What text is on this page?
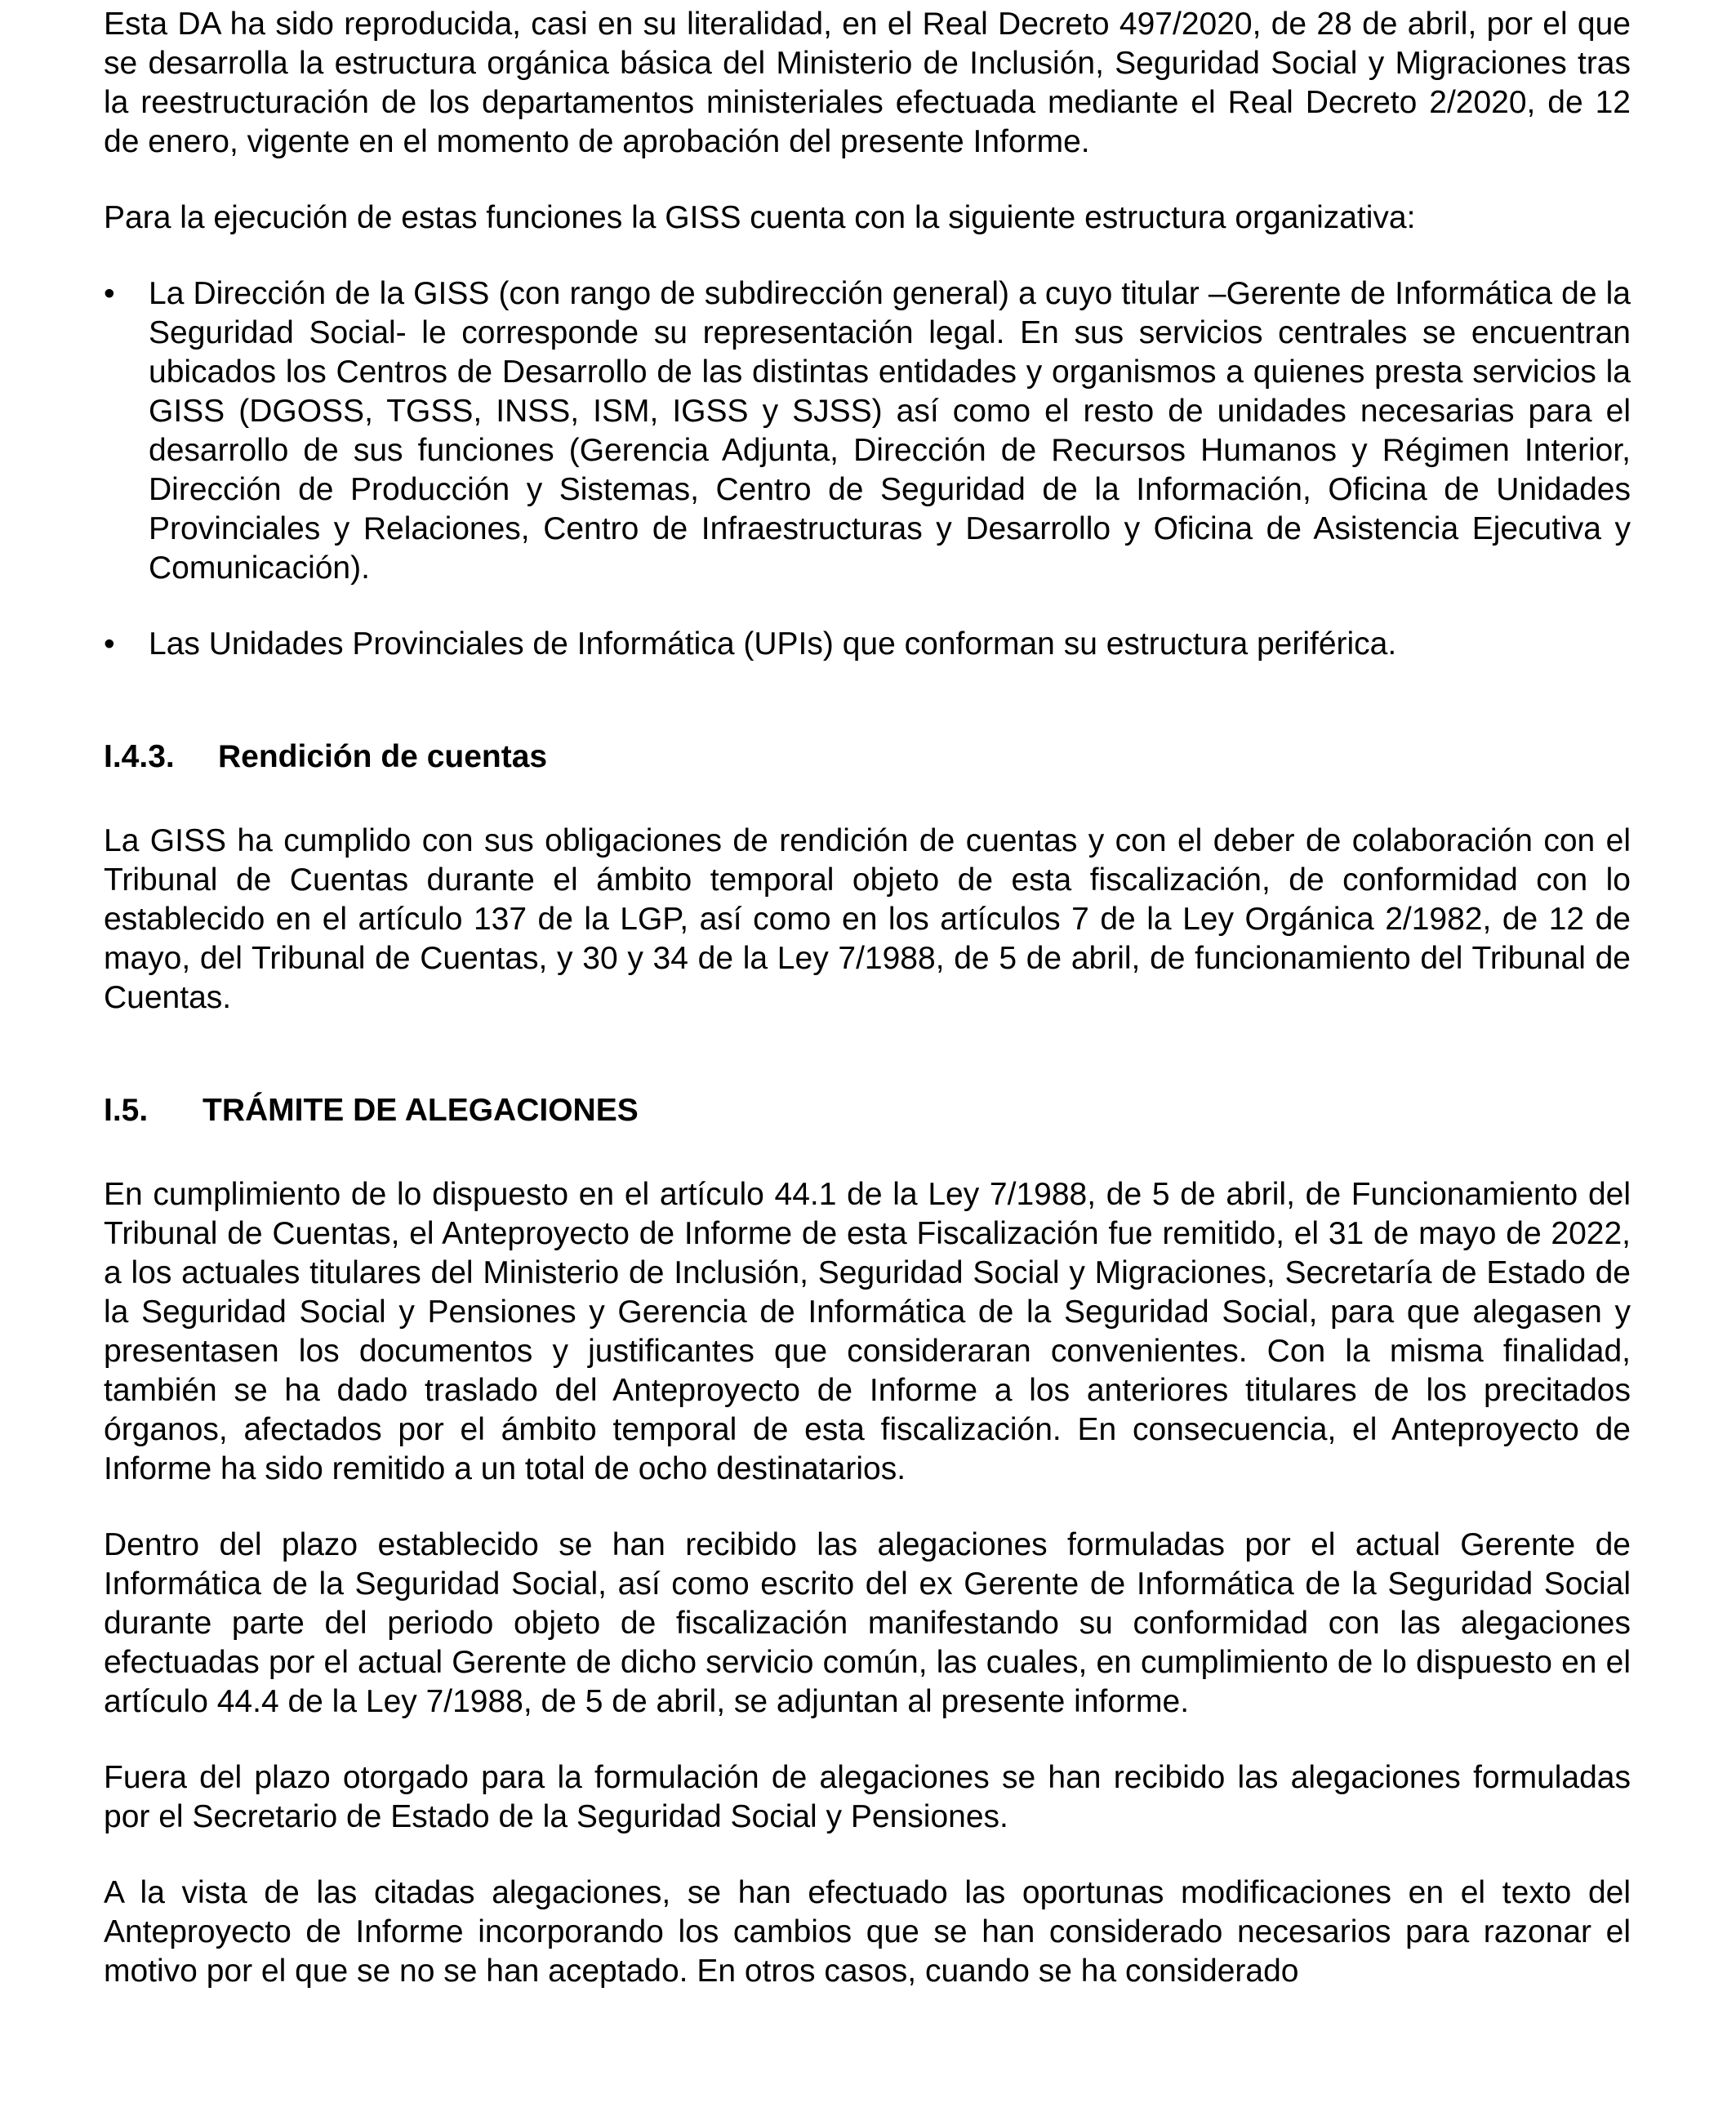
Esta DA ha sido reproducida, casi en su literalidad, en el Real Decreto 497/2020, de 28 de abril, por el que se desarrolla la estructura orgánica básica del Ministerio de Inclusión, Seguridad Social y Migraciones tras la reestructuración de los departamentos ministeriales efectuada mediante el Real Decreto 2/2020, de 12 de enero, vigente en el momento de aprobación del presente Informe.

Para la ejecución de estas funciones la GISS cuenta con la siguiente estructura organizativa:

• La Dirección de la GISS (con rango de subdirección general) a cuyo titular –Gerente de Informática de la Seguridad Social- le corresponde su representación legal. En sus servicios centrales se encuentran ubicados los Centros de Desarrollo de las distintas entidades y organismos a quienes presta servicios la GISS (DGOSS, TGSS, INSS, ISM, IGSS y SJSS) así como el resto de unidades necesarias para el desarrollo de sus funciones (Gerencia Adjunta, Dirección de Recursos Humanos y Régimen Interior, Dirección de Producción y Sistemas, Centro de Seguridad de la Información, Oficina de Unidades Provinciales y Relaciones, Centro de Infraestructuras y Desarrollo y Oficina de Asistencia Ejecutiva y Comunicación).
• Las Unidades Provinciales de Informática (UPIs) que conforman su estructura periférica.
I.4.3. Rendición de cuentas

La GISS ha cumplido con sus obligaciones de rendición de cuentas y con el deber de colaboración con el Tribunal de Cuentas durante el ámbito temporal objeto de esta fiscalización, de conformidad con lo establecido en el artículo 137 de la LGP, así como en los artículos 7 de la Ley Orgánica 2/1982, de 12 de mayo, del Tribunal de Cuentas, y 30 y 34 de la Ley 7/1988, de 5 de abril, de funcionamiento del Tribunal de Cuentas.

I.5. TRÁMITE DE ALEGACIONES

En cumplimiento de lo dispuesto en el artículo 44.1 de la Ley 7/1988, de 5 de abril, de Funcionamiento del Tribunal de Cuentas, el Anteproyecto de Informe de esta Fiscalización fue remitido, el 31 de mayo de 2022, a los actuales titulares del Ministerio de Inclusión, Seguridad Social y Migraciones, Secretaría de Estado de la Seguridad Social y Pensiones y Gerencia de Informática de la Seguridad Social, para que alegasen y presentasen los documentos y justificantes que consideraran convenientes. Con la misma finalidad, también se ha dado traslado del Anteproyecto de Informe a los anteriores titulares de los precitados órganos, afectados por el ámbito temporal de esta fiscalización. En consecuencia, el Anteproyecto de Informe ha sido remitido a un total de ocho destinatarios.

Dentro del plazo establecido se han recibido las alegaciones formuladas por el actual Gerente de Informática de la Seguridad Social, así como escrito del ex Gerente de Informática de la Seguridad Social durante parte del periodo objeto de fiscalización manifestando su conformidad con las alegaciones efectuadas por el actual Gerente de dicho servicio común, las cuales, en cumplimiento de lo dispuesto en el artículo 44.4 de la Ley 7/1988, de 5 de abril, se adjuntan al presente informe.

Fuera del plazo otorgado para la formulación de alegaciones se han recibido las alegaciones formuladas por el Secretario de Estado de la Seguridad Social y Pensiones.

A la vista de las citadas alegaciones, se han efectuado las oportunas modificaciones en el texto del Anteproyecto de Informe incorporando los cambios que se han considerado necesarios para razonar el motivo por el que se no se han aceptado. En otros casos, cuando se ha considerado
